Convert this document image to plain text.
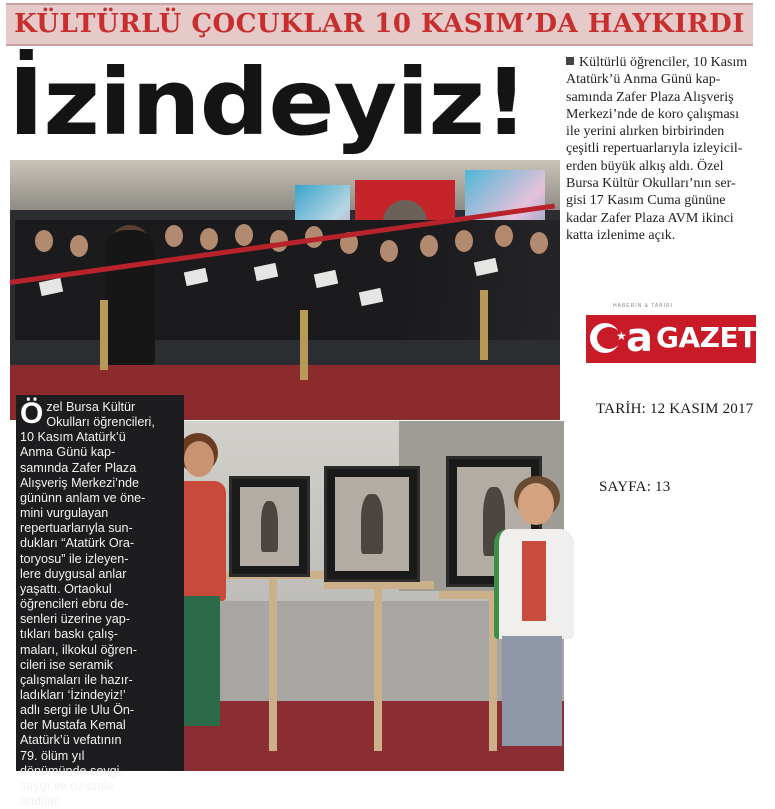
KÜLTÜRLÜ ÇOCUKLAR 10 KASIM’DA HAYKIRDI
İzindeyiz!	Kültürlü öğrenciler, 10 Kasım
Atatürk’ü Anma Günü kap-
samında Zafer Plaza Alışveriş
Merkezi’nde de koro çalışması
ile yerini alırken birbirinden
çeşitli repertuarlarıyla izleyicil-
erden büyük alkış aldı. Özel
Bursa Kültür Okulları’nın ser-
gisi 17 Kasım Cuma gününe
kadar Zafer Plaza AVM ikinci
katta izlenime açık.
Ö zel Bursa Kültür
Okulları öğrencileri,
10 Kasım Atatürk’ü
Anma Günü kap-
samında Zafer Plaza
Alışveriş Merkezi’nde
gününn anlam ve öne-
mini vurgulayan
repertuarlarıyla sun-
dukları “Atatürk Ora-
toryosu” ile izleyen-
lere duygusal anlar
yaşattı. Ortaokul
öğrencileri ebru de-
senleri üzerine yap-
tıkları baskı çalış-
maları, ilkokul öğren-
cileri ise seramik
çalışmaları ile hazır-
ladıkları ‘İzindeyiz!’
adlı sergi ile Ulu Ön-
der Mustafa Kemal
Atatürk’ü vefatının
79. ölüm yıl
dönümünde sevgi,
saygı ve özlemle
andılar.
HABERIN & TABIRI
★ a GAZETE
TARİH: 12 KASIM 2017
SAYFA: 13
